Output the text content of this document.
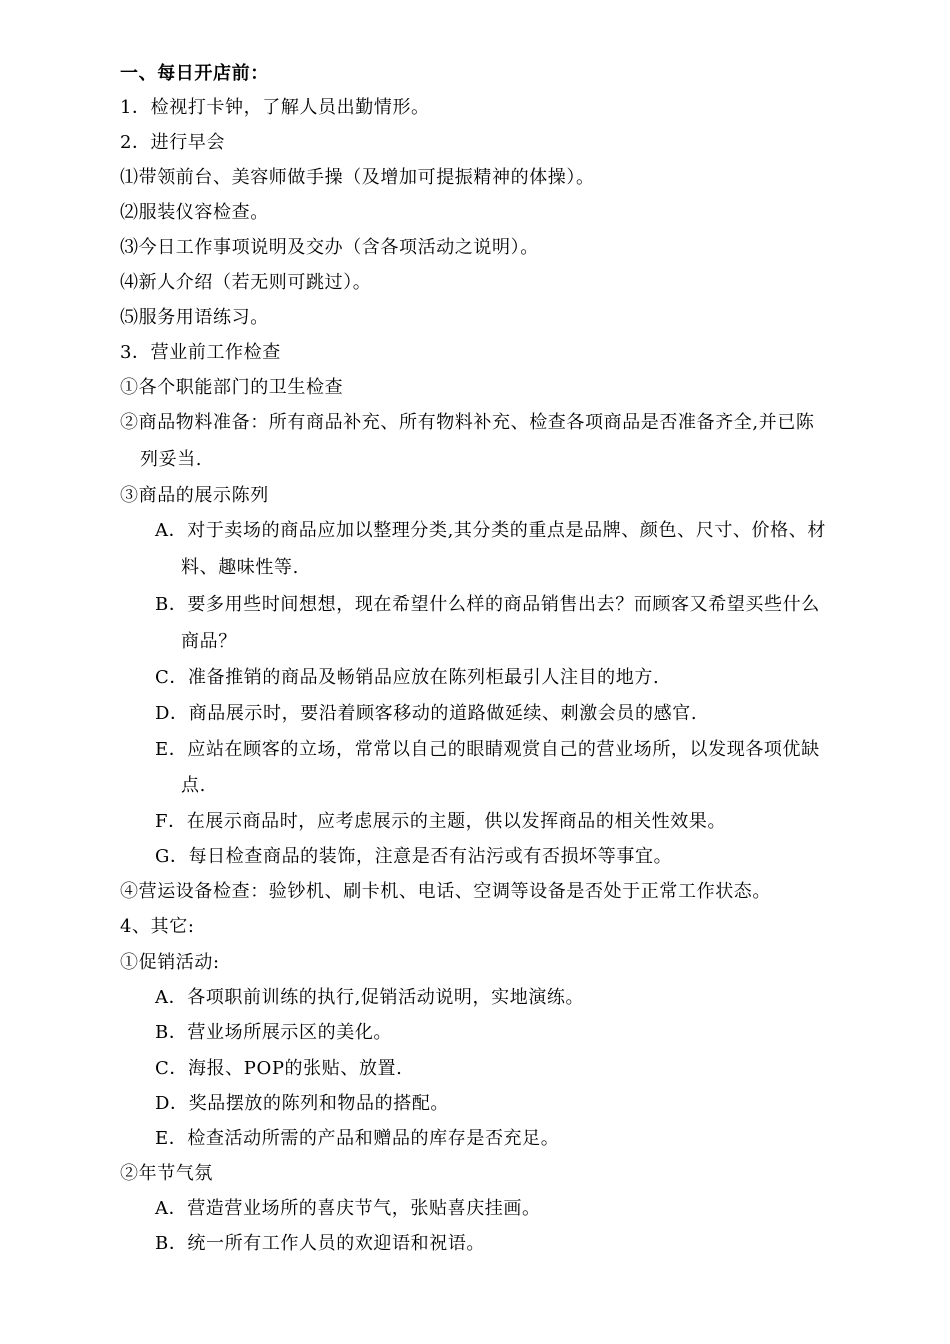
一、每日开店前：
1．检视打卡钟，了解人员出勤情形。
2．进行早会
⑴带领前台、美容师做手操（及增加可提振精神的体操）。
⑵服装仪容检查。
⑶今日工作事项说明及交办（含各项活动之说明）。
⑷新人介绍（若无则可跳过）。
⑸服务用语练习。
3．营业前工作检查
①各个职能部门的卫生检查
②商品物料准备：所有商品补充、所有物料补充、检查各项商品是否准备齐全,并已陈
列妥当.
③商品的展示陈列
A．对于卖场的商品应加以整理分类,其分类的重点是品牌、颜色、尺寸、价格、材
料、趣味性等.
B．要多用些时间想想，现在希望什么样的商品销售出去？而顾客又希望买些什么
商品？
C．准备推销的商品及畅销品应放在陈列柜最引人注目的地方.
D．商品展示时，要沿着顾客移动的道路做延续、刺激会员的感官.
E．应站在顾客的立场，常常以自己的眼睛观赏自己的营业场所，以发现各项优缺
点.
F．在展示商品时，应考虑展示的主题，供以发挥商品的相关性效果。
G．每日检查商品的装饰，注意是否有沾污或有否损坏等事宜。
④营运设备检查：验钞机、刷卡机、电话、空调等设备是否处于正常工作状态。
4、其它:
①促销活动:
A．各项职前训练的执行,促销活动说明，实地演练。
B．营业场所展示区的美化。
C．海报、POP的张贴、放置.
D．奖品摆放的陈列和物品的搭配。
E．检查活动所需的产品和赠品的库存是否充足。
②年节气氛
A．营造营业场所的喜庆节气，张贴喜庆挂画。
B．统一所有工作人员的欢迎语和祝语。
